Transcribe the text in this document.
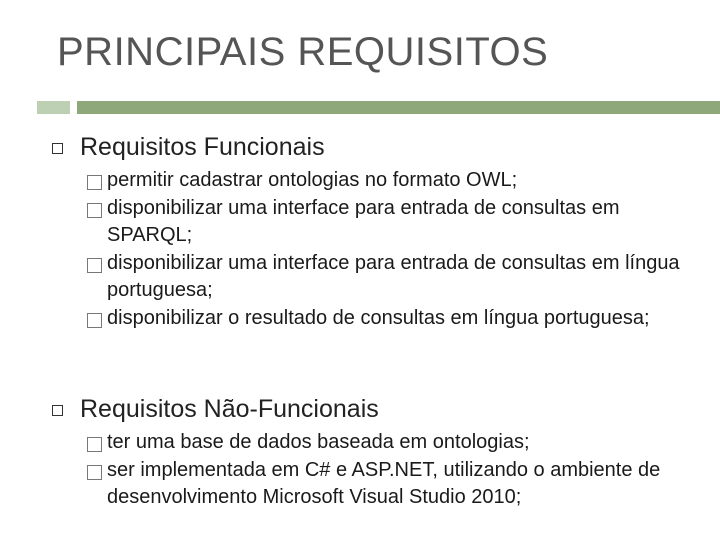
PRINCIPAIS REQUISITOS
Requisitos Funcionais
permitir cadastrar ontologias no formato OWL;
disponibilizar uma interface para entrada de consultas em SPARQL;
disponibilizar uma interface para entrada de consultas em língua portuguesa;
disponibilizar o resultado de consultas em língua portuguesa;
Requisitos Não-Funcionais
ter uma base de dados baseada em ontologias;
ser implementada em C# e ASP.NET, utilizando o ambiente de desenvolvimento Microsoft Visual Studio 2010;
